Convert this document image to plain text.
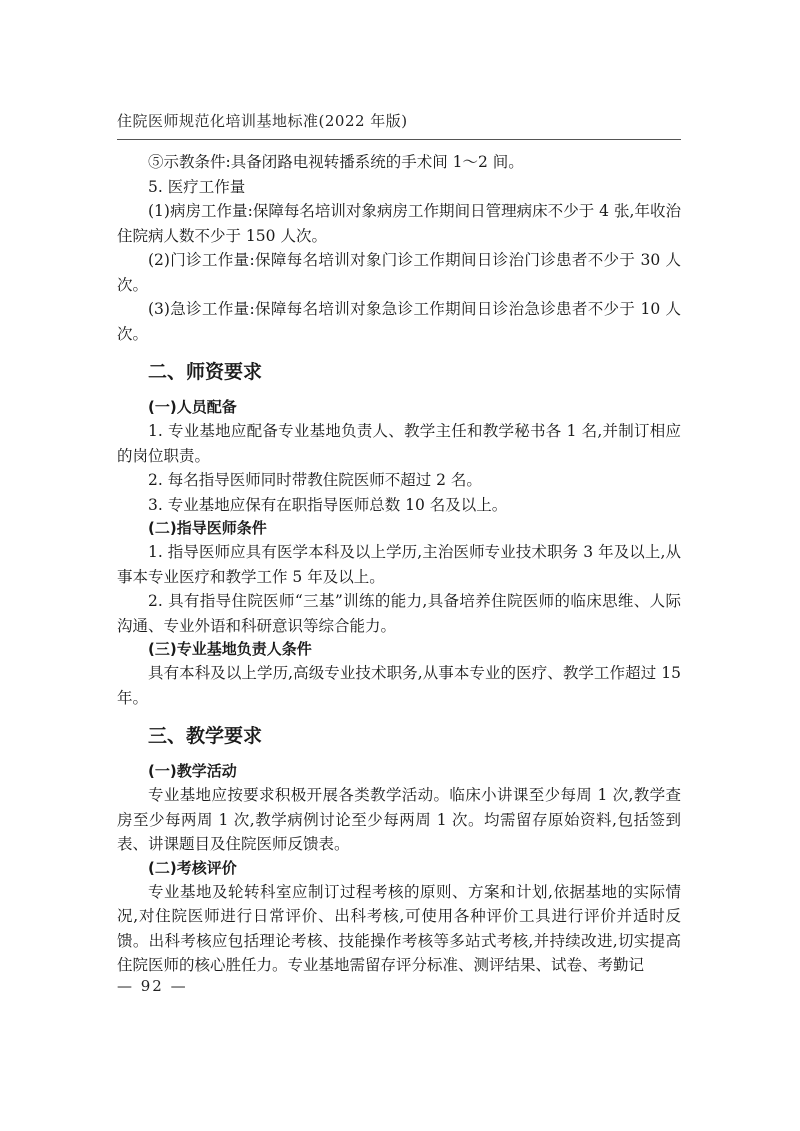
住院医师规范化培训基地标准(2022 年版)

⑤示教条件:具备闭路电视转播系统的手术间 1～2 间。

5. 医疗工作量

(1)病房工作量:保障每名培训对象病房工作期间日管理病床不少于 4 张,年收治住院病人数不少于 150 人次。

(2)门诊工作量:保障每名培训对象门诊工作期间日诊治门诊患者不少于 30 人次。

(3)急诊工作量:保障每名培训对象急诊工作期间日诊治急诊患者不少于 10 人次。

二、师资要求
(一)人员配备

1. 专业基地应配备专业基地负责人、教学主任和教学秘书各 1 名,并制订相应的岗位职责。

2. 每名指导医师同时带教住院医师不超过 2 名。

3. 专业基地应保有在职指导医师总数 10 名及以上。

(二)指导医师条件

1. 指导医师应具有医学本科及以上学历,主治医师专业技术职务 3 年及以上,从事本专业医疗和教学工作 5 年及以上。

2. 具有指导住院医师“三基”训练的能力,具备培养住院医师的临床思维、人际沟通、专业外语和科研意识等综合能力。

(三)专业基地负责人条件

具有本科及以上学历,高级专业技术职务,从事本专业的医疗、教学工作超过 15 年。

三、教学要求
(一)教学活动

专业基地应按要求积极开展各类教学活动。临床小讲课至少每周 1 次,教学查房至少每两周 1 次,教学病例讨论至少每两周 1 次。均需留存原始资料,包括签到表、讲课题目及住院医师反馈表。

(二)考核评价

专业基地及轮转科室应制订过程考核的原则、方案和计划,依据基地的实际情况,对住院医师进行日常评价、出科考核,可使用各种评价工具进行评价并适时反馈。出科考核应包括理论考核、技能操作考核等多站式考核,并持续改进,切实提高住院医师的核心胜任力。专业基地需留存评分标准、测评结果、试卷、考勤记

— 92 —
